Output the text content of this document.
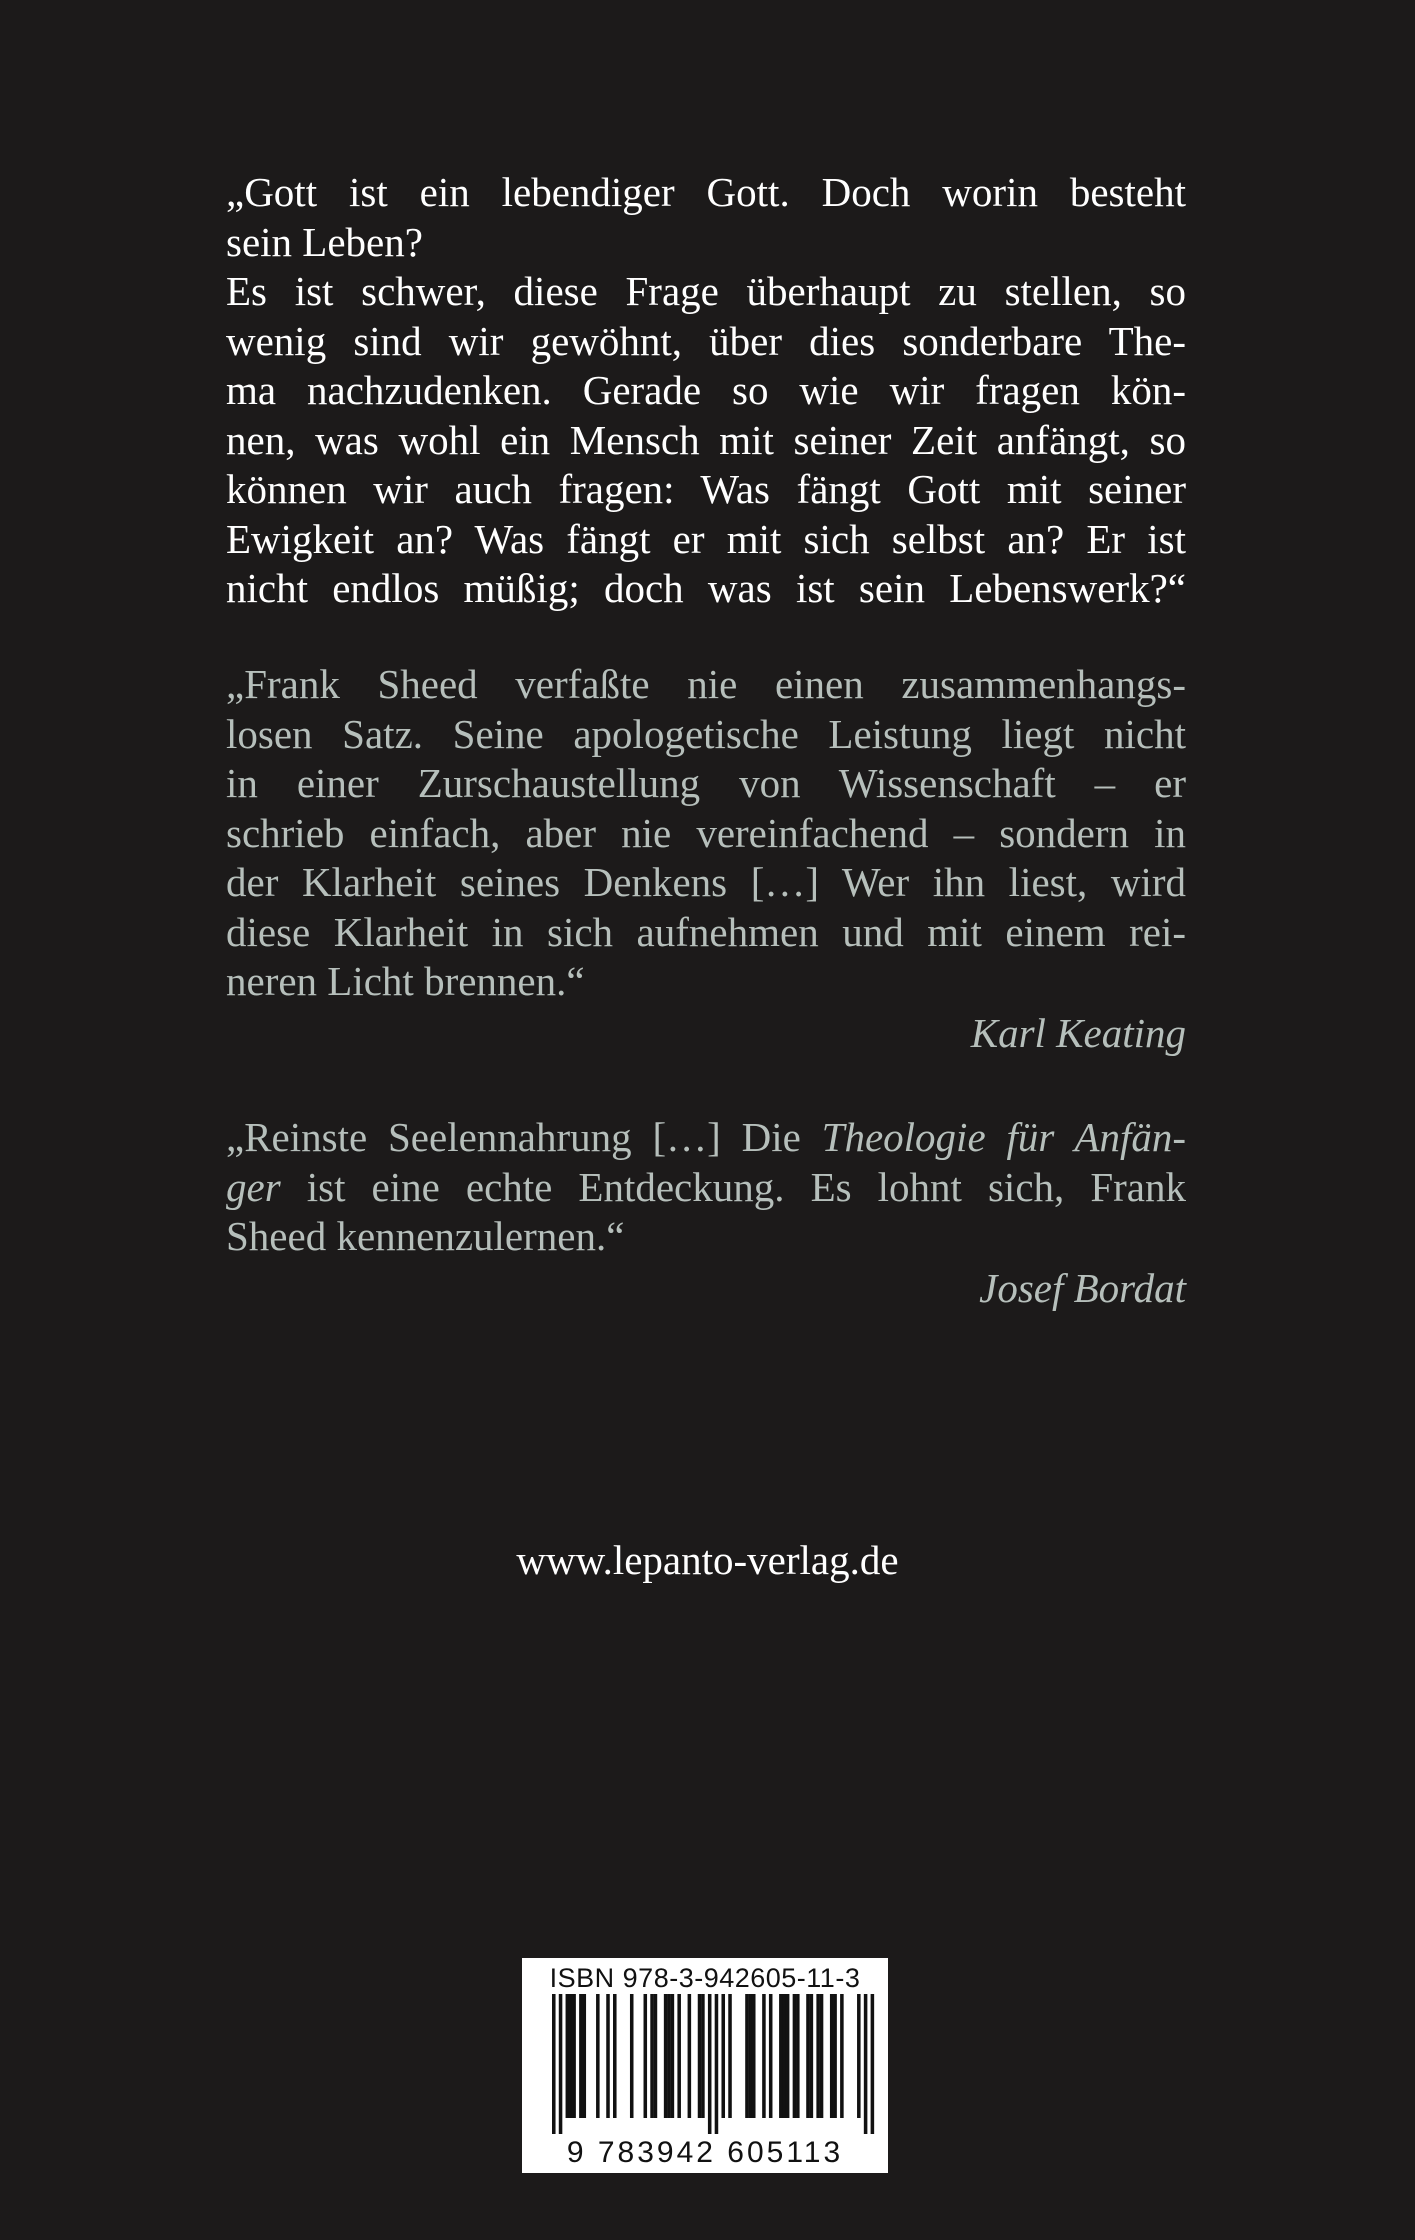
„Gott ist ein lebendiger Gott. Doch worin besteht
sein Leben?
Es ist schwer, diese Frage überhaupt zu stellen, so
wenig sind wir gewöhnt, über dies sonderbare The-
ma nachzudenken. Gerade so wie wir fragen kön-
nen, was wohl ein Mensch mit seiner Zeit anfängt, so
können wir auch fragen: Was fängt Gott mit seiner
Ewigkeit an? Was fängt er mit sich selbst an? Er ist
nicht endlos müßig; doch was ist sein Lebenswerk?“
„Frank Sheed verfaßte nie einen zusammenhangs-
losen Satz. Seine apologetische Leistung liegt nicht
in einer Zurschaustellung von Wissenschaft – er
schrieb einfach, aber nie vereinfachend – sondern in
der Klarheit seines Denkens […] Wer ihn liest, wird
diese Klarheit in sich aufnehmen und mit einem rei-
neren Licht brennen.“
Karl Keating
„Reinste Seelennahrung […] Die Theologie für Anfän-
ger ist eine echte Entdeckung. Es lohnt sich, Frank
Sheed kennenzulernen.“
Josef Bordat
www.lepanto-verlag.de
ISBN 978-3-942605-11-3
9 783942 605113
